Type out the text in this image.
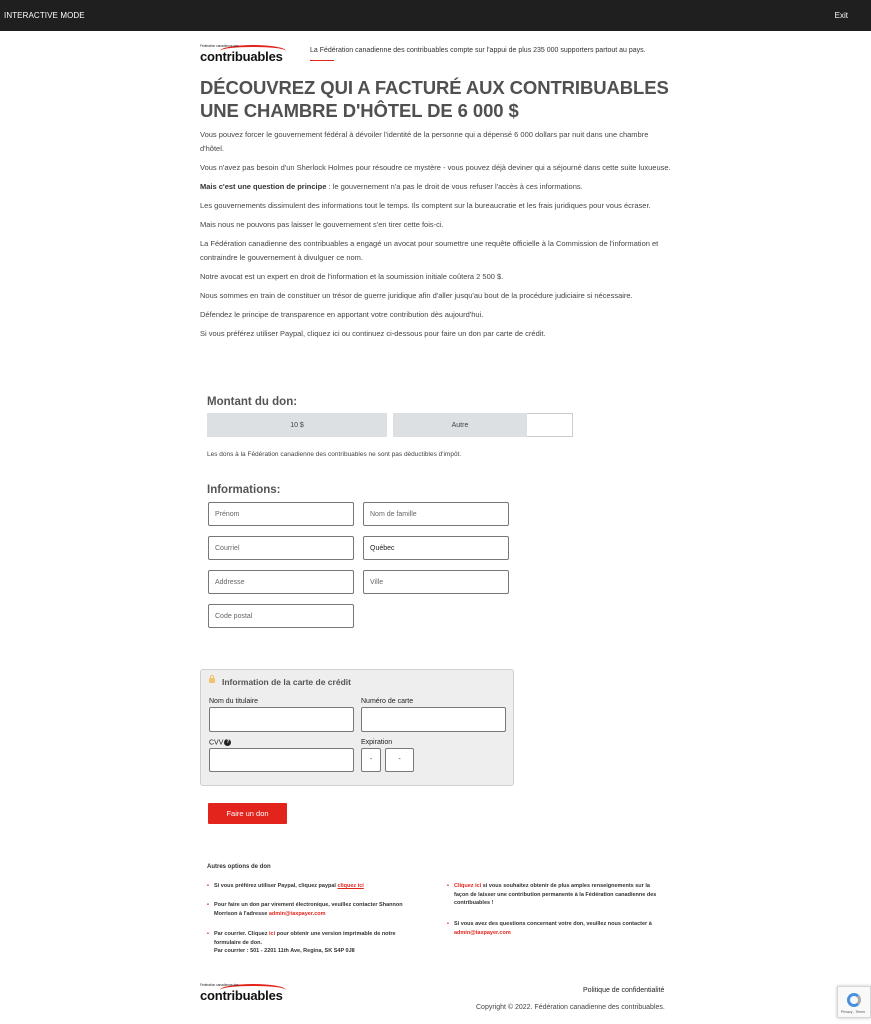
INTERACTIVE MODE	Exit
Fédération canadienne des
contribuables	La Fédération canadienne des contribuables compte sur l'appui de plus 235 000 supporters partout au pays.
DÉCOUVREZ QUI A FACTURÉ AUX CONTRIBUABLES UNE CHAMBRE D'HÔTEL DE 6 000 $

Vous pouvez forcer le gouvernement fédéral à dévoiler l'identité de la personne qui a dépensé 6 000 dollars par nuit dans une chambre d'hôtel.

Vous n'avez pas besoin d'un Sherlock Holmes pour résoudre ce mystère - vous pouvez déjà deviner qui a séjourné dans cette suite luxueuse.

Mais c'est une question de principe : le gouvernement n'a pas le droit de vous refuser l'accès à ces informations.

Les gouvernements dissimulent des informations tout le temps. Ils comptent sur la bureaucratie et les frais juridiques pour vous écraser.

Mais nous ne pouvons pas laisser le gouvernement s'en tirer cette fois-ci.

La Fédération canadienne des contribuables a engagé un avocat pour soumettre une requête officielle à la Commission de l'information et contraindre le gouvernement à divulguer ce nom.

Notre avocat est un expert en droit de l'information et la soumission initiale coûtera 2 500 $.

Nous sommes en train de constituer un trésor de guerre juridique afin d'aller jusqu'au bout de la procédure judiciaire si nécessaire.

Défendez le principe de transparence en apportant votre contribution dès aujourd'hui.

Si vous préférez utiliser Paypal, cliquez ici ou continuez ci-dessous pour faire un don par carte de crédit.

Montant du don:
10 $	Autre
Les dons à la Fédération canadienne des contribuables ne sont pas déductibles d'impôt.
Informations:
Prénom	Nom de famille
Courriel	Québec
Addresse	Ville
Code postal
Information de la carte de crédit
Nom du titulaire	Numéro de carte
CVV ?	Expiration
-	-
Faire un don
Autres options de don
• Si vous préférez utiliser Paypal, cliquez paypal cliquez ici
• Pour faire un don par virement électronique, veuillez contacter Shannon Morrison à l'adresse admin@taxpayer.com
• Par courrier. Cliquez ici pour obtenir une version imprimable de notre formulaire de don.
Par courrier : 501 - 2201 11th Ave, Regina, SK S4P 0J8
• Cliquez ici si vous souhaitez obtenir de plus amples renseignements sur la façon de laisser une contribution permanente à la Fédération canadienne des contribuables !
• Si vous avez des questions concernant votre don, veuillez nous contacter à admin@taxpayer.com
Fédération canadienne des
contribuables	Politique de confidentialité
Copyright © 2022. Fédération canadienne des contribuables.
Privacy - Terms
